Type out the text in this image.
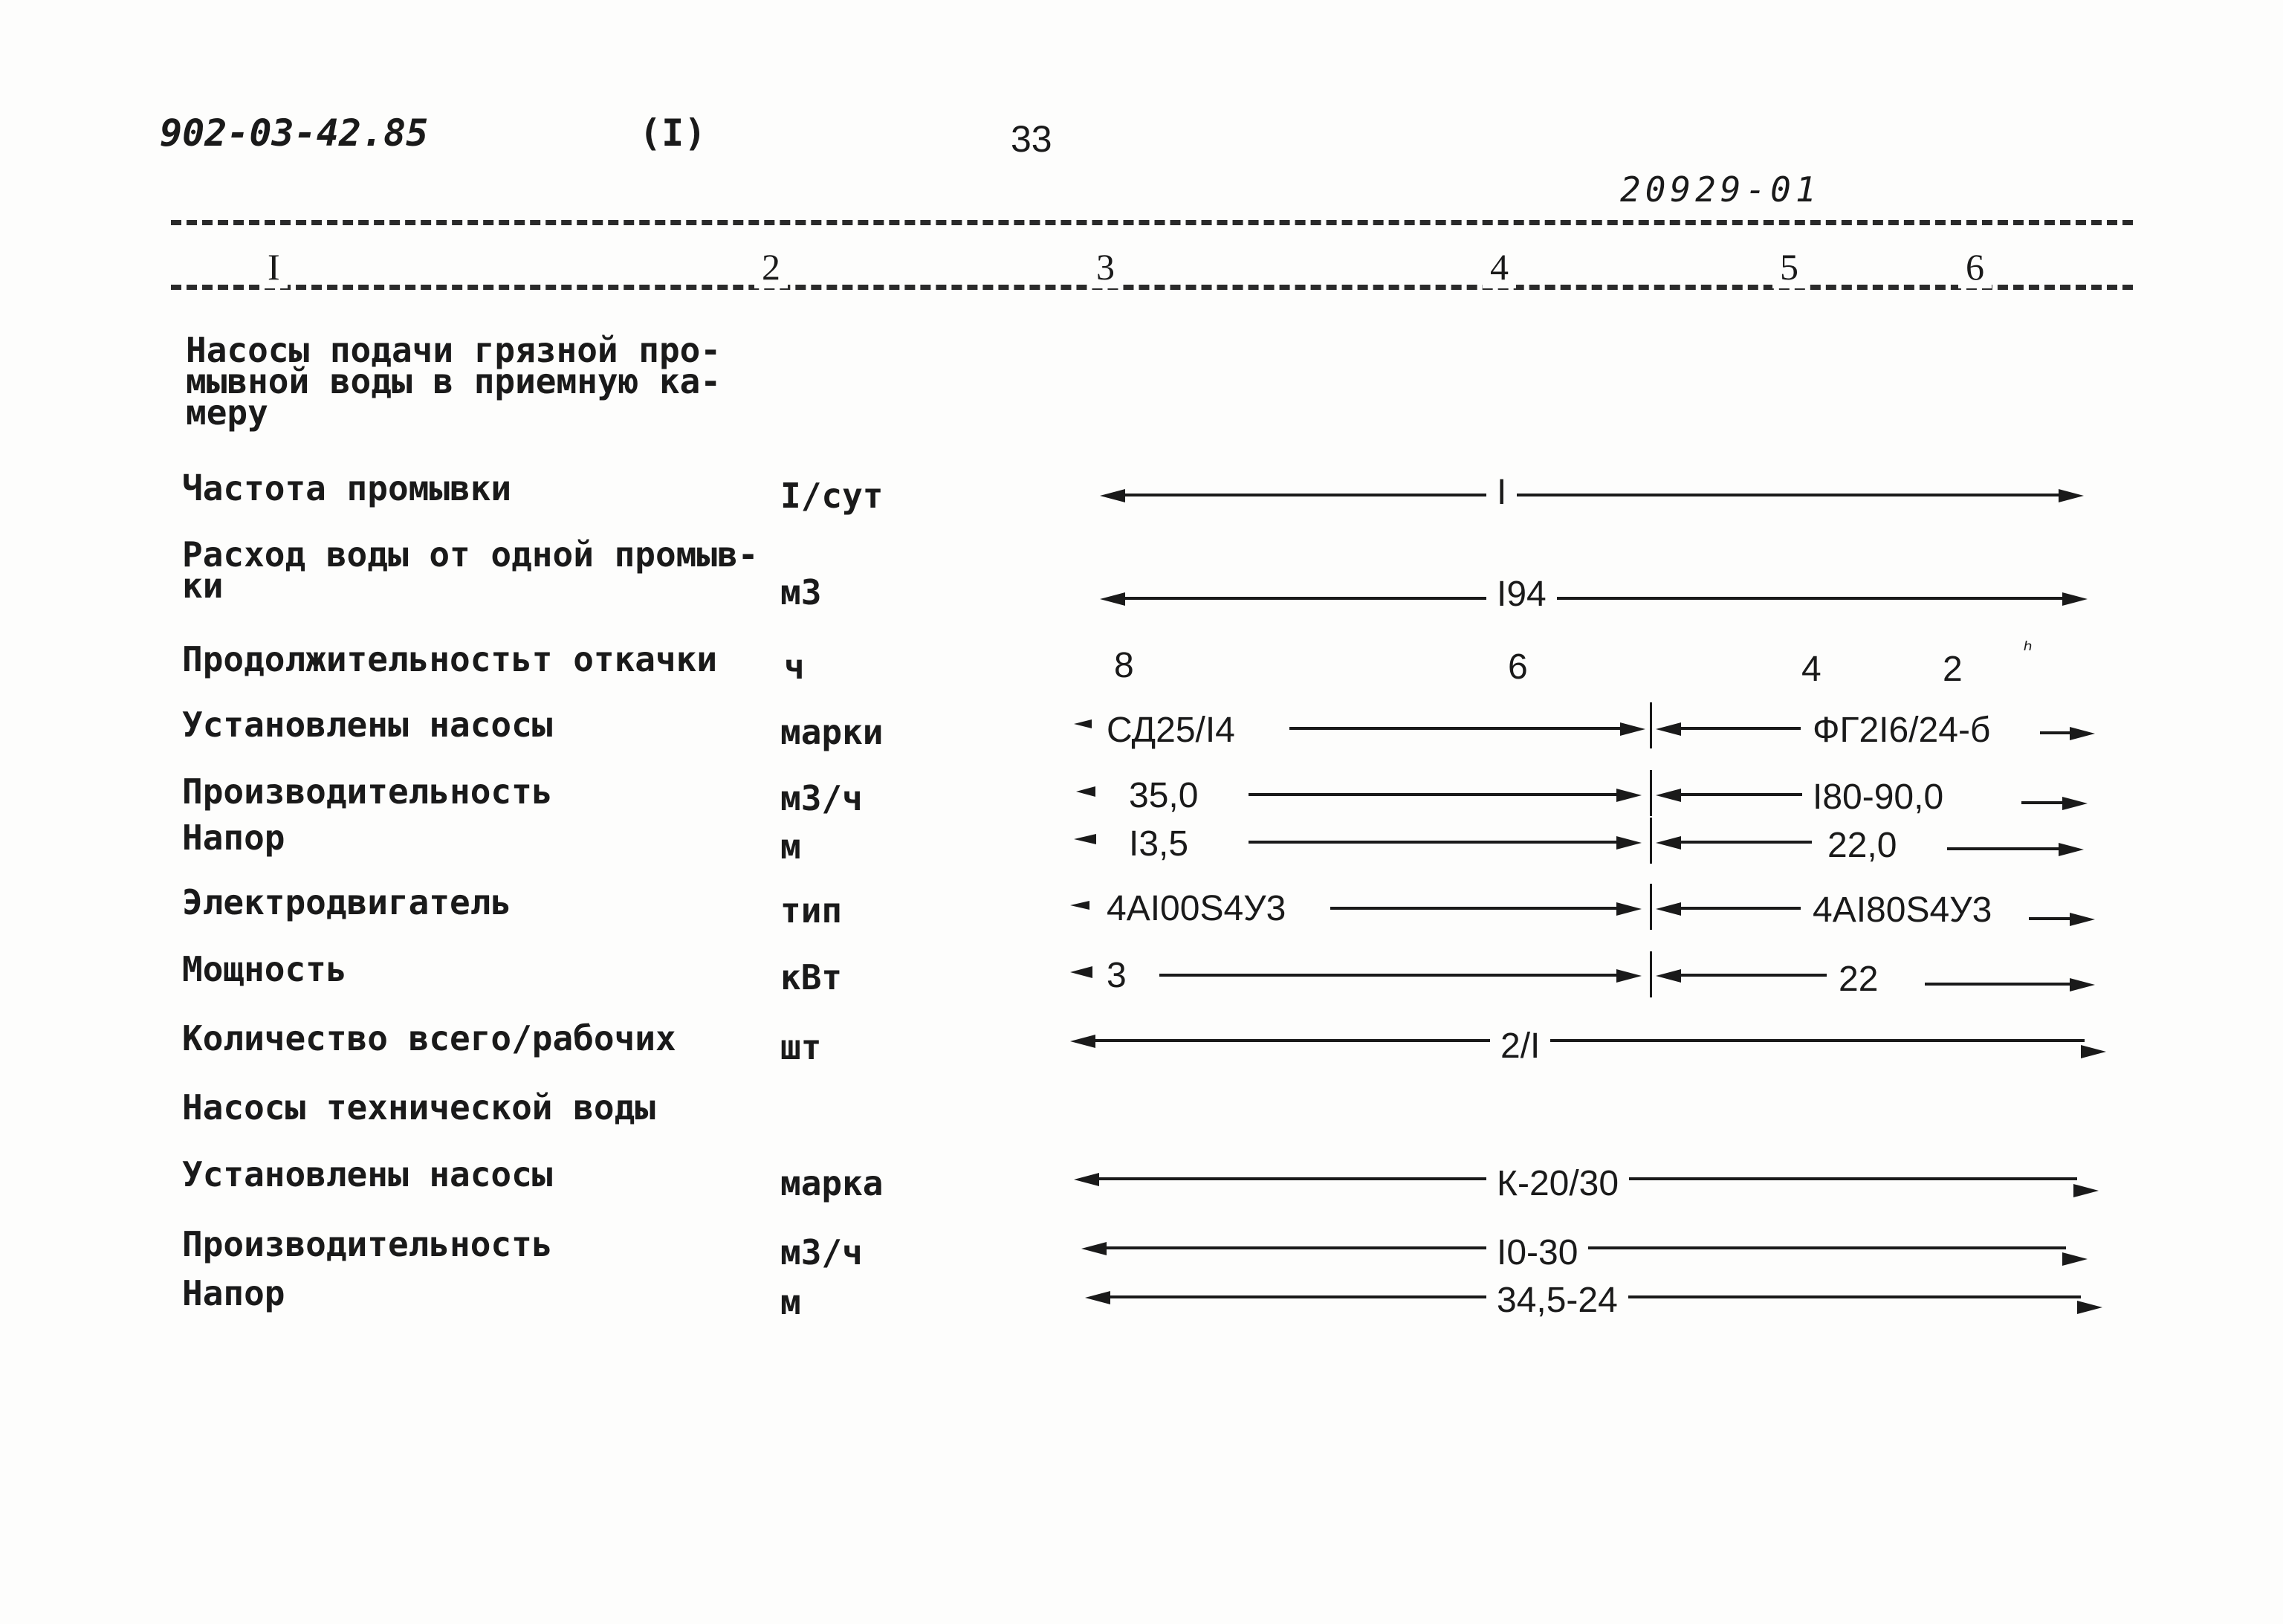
902-03-42.85	(I)	33
20929-01
I	2	3	4	5	6
Насосы подачи грязной про-мывной воды в приемную ка-меру
Частота промывки	I/сут	I
Расход воды от одной промыв-ки	м3	I94
Продолжительностьт откачки ч	8	6	4	2	ʰ
Установлены насосы	марки	СД25/I4	ФГ2I6/24-б
Производительность	м3/ч	35,0	I80-90,0
Напор	м	I3,5	22,0
Электродвигатель	тип	4AI00S4У3	4AI80S4У3
Мощность	кВт	3	22
Количество всего/рабочих	шт	2/I
Насосы технической воды
Установлены насосы	марка	К-20/30
Производительность	м3/ч	I0-30
Напор	м	34,5-24
